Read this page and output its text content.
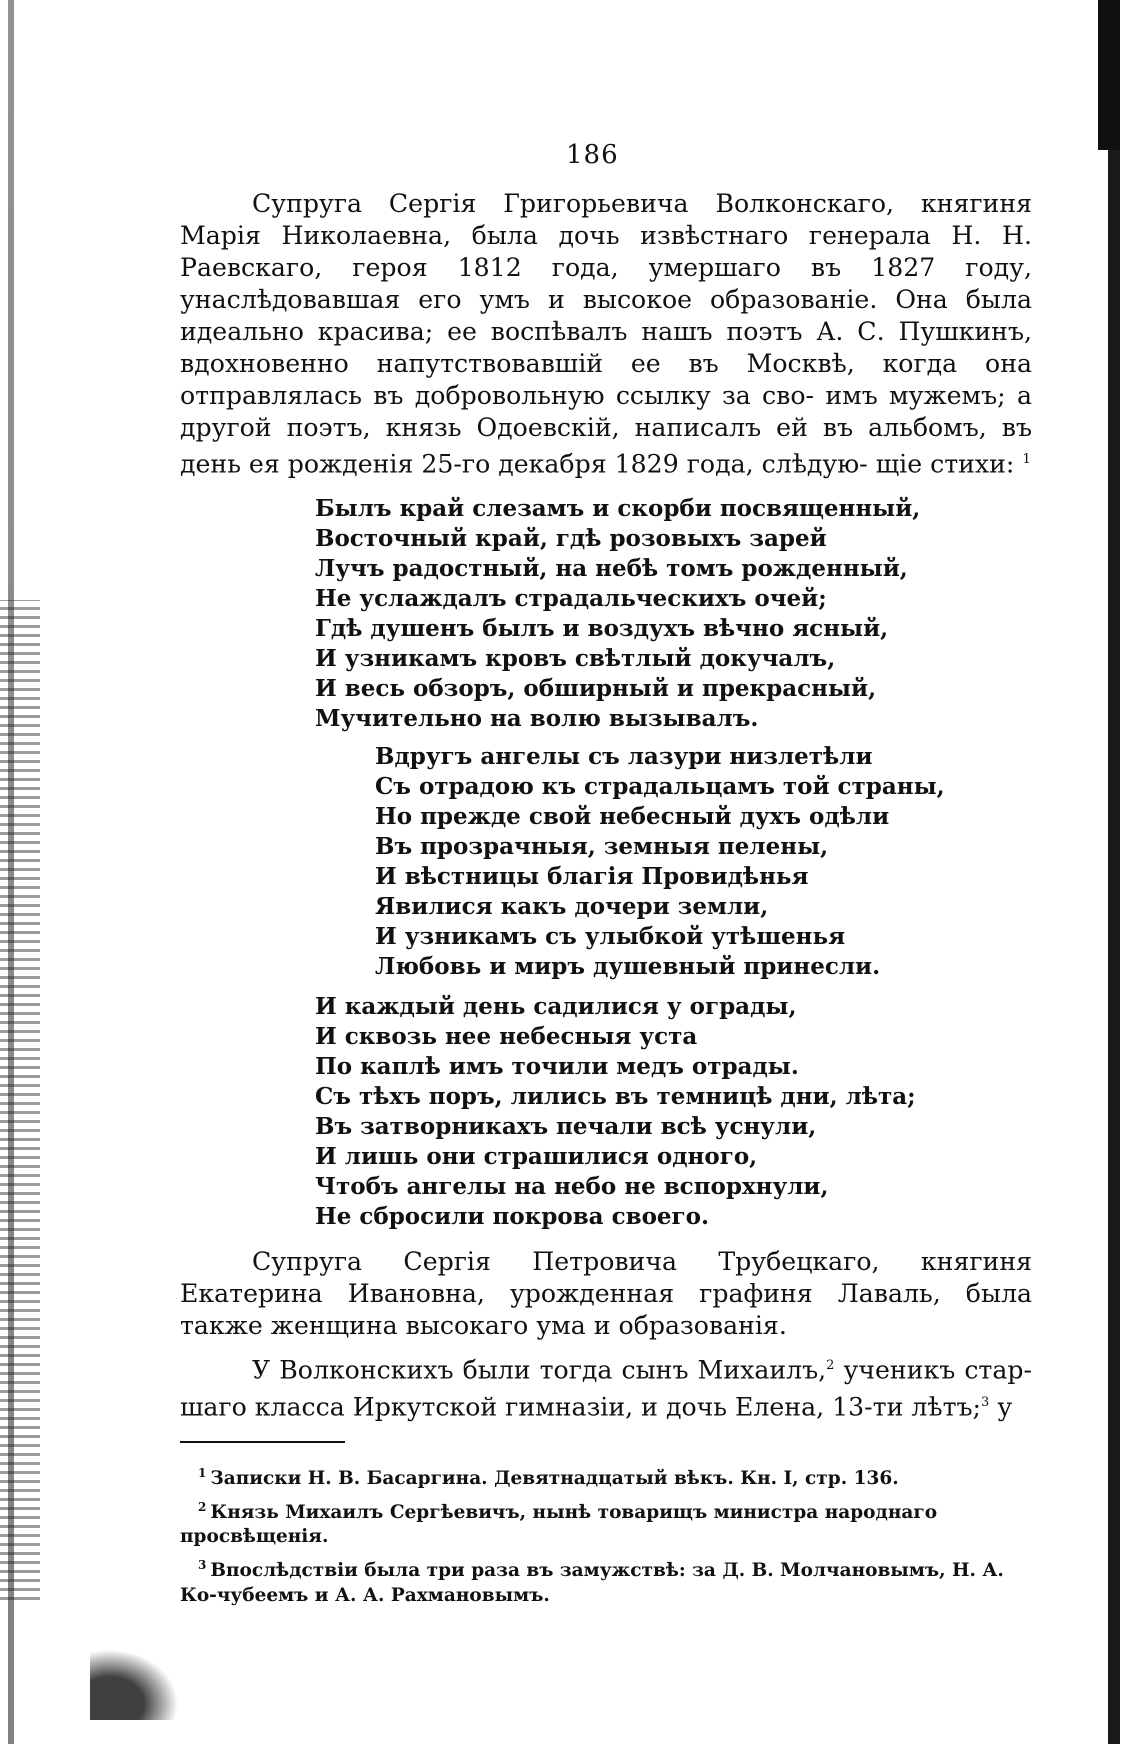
186

Супруга Сергія Григорьевича Волконскаго, княгиня Марія Николаевна, была дочь извѣстнаго генерала Н. Н. Раевскаго, героя 1812 года, умершаго въ 1827 году, унаслѣдовавшая его умъ и высокое образованіе. Она была идеально красива; ее воспѣвалъ нашъ поэтъ А. С. Пушкинъ, вдохновенно напутствовавшій ее въ Москвѣ, когда она отправлялась въ добровольную ссылку за сво- имъ мужемъ; а другой поэтъ, князь Одоевскій, написалъ ей въ альбомъ, въ день ея рожденія 25-го декабря 1829 года, слѣдую- щіе стихи: $^1$

Былъ край слезамъ и скорби посвященный,
Восточный край, гдѣ розовыхъ зарей
Лучъ радостный, на небѣ томъ рожденный,
Не услаждалъ страдальческихъ очей;
Гдѣ душенъ былъ и воздухъ вѣчно ясный,
И узникамъ кровъ свѣтлый докучалъ,
И весь обзоръ, обширный и прекрасный,
Мучительно на волю вызывалъ.
Вдругъ ангелы съ лазури низлетѣли
Съ отрадою къ страдальцамъ той страны,
Но прежде свой небесный духъ одѣли
Въ прозрачныя, земныя пелены,
И вѣстницы благія Провидѣнья
Явилися какъ дочери земли,
И узникамъ съ улыбкой утѣшенья
Любовь и миръ душевный принесли.
И каждый день садилися у ограды,
И сквозь нее небесныя уста
По каплѣ имъ точили медъ отрады.
Съ тѣхъ поръ, лились въ темницѣ дни, лѣта;
Въ затворникахъ печали всѣ уснули,
И лишь они страшилися одного,
Чтобъ ангелы на небо не вспорхнули,
Не сбросили покрова своего.

Супруга Сергія Петровича Трубецкаго, княгиня Екатерина Ивановна, урожденная графиня Лаваль, была также женщина высокаго ума и образованія.

У Волконскихъ были тогда сынъ Михаилъ,$^2$ ученикъ стар-шаго класса Иркутской гимназіи, и дочь Елена, 13-ти лѣтъ;$^3$ у

$^1$ Записки Н. В. Басаргина. Девятнадцатый вѣкъ. Кн. I, стр. 136.

$^2$ Князь Михаилъ Сергѣевичъ, нынѣ товарищъ министра народнаго просвѣщенія.

$^3$ Впослѣдствіи была три раза въ замужствѣ: за Д. В. Молчановымъ, Н. А. Ко-чубеемъ и А. А. Рахмановымъ.
